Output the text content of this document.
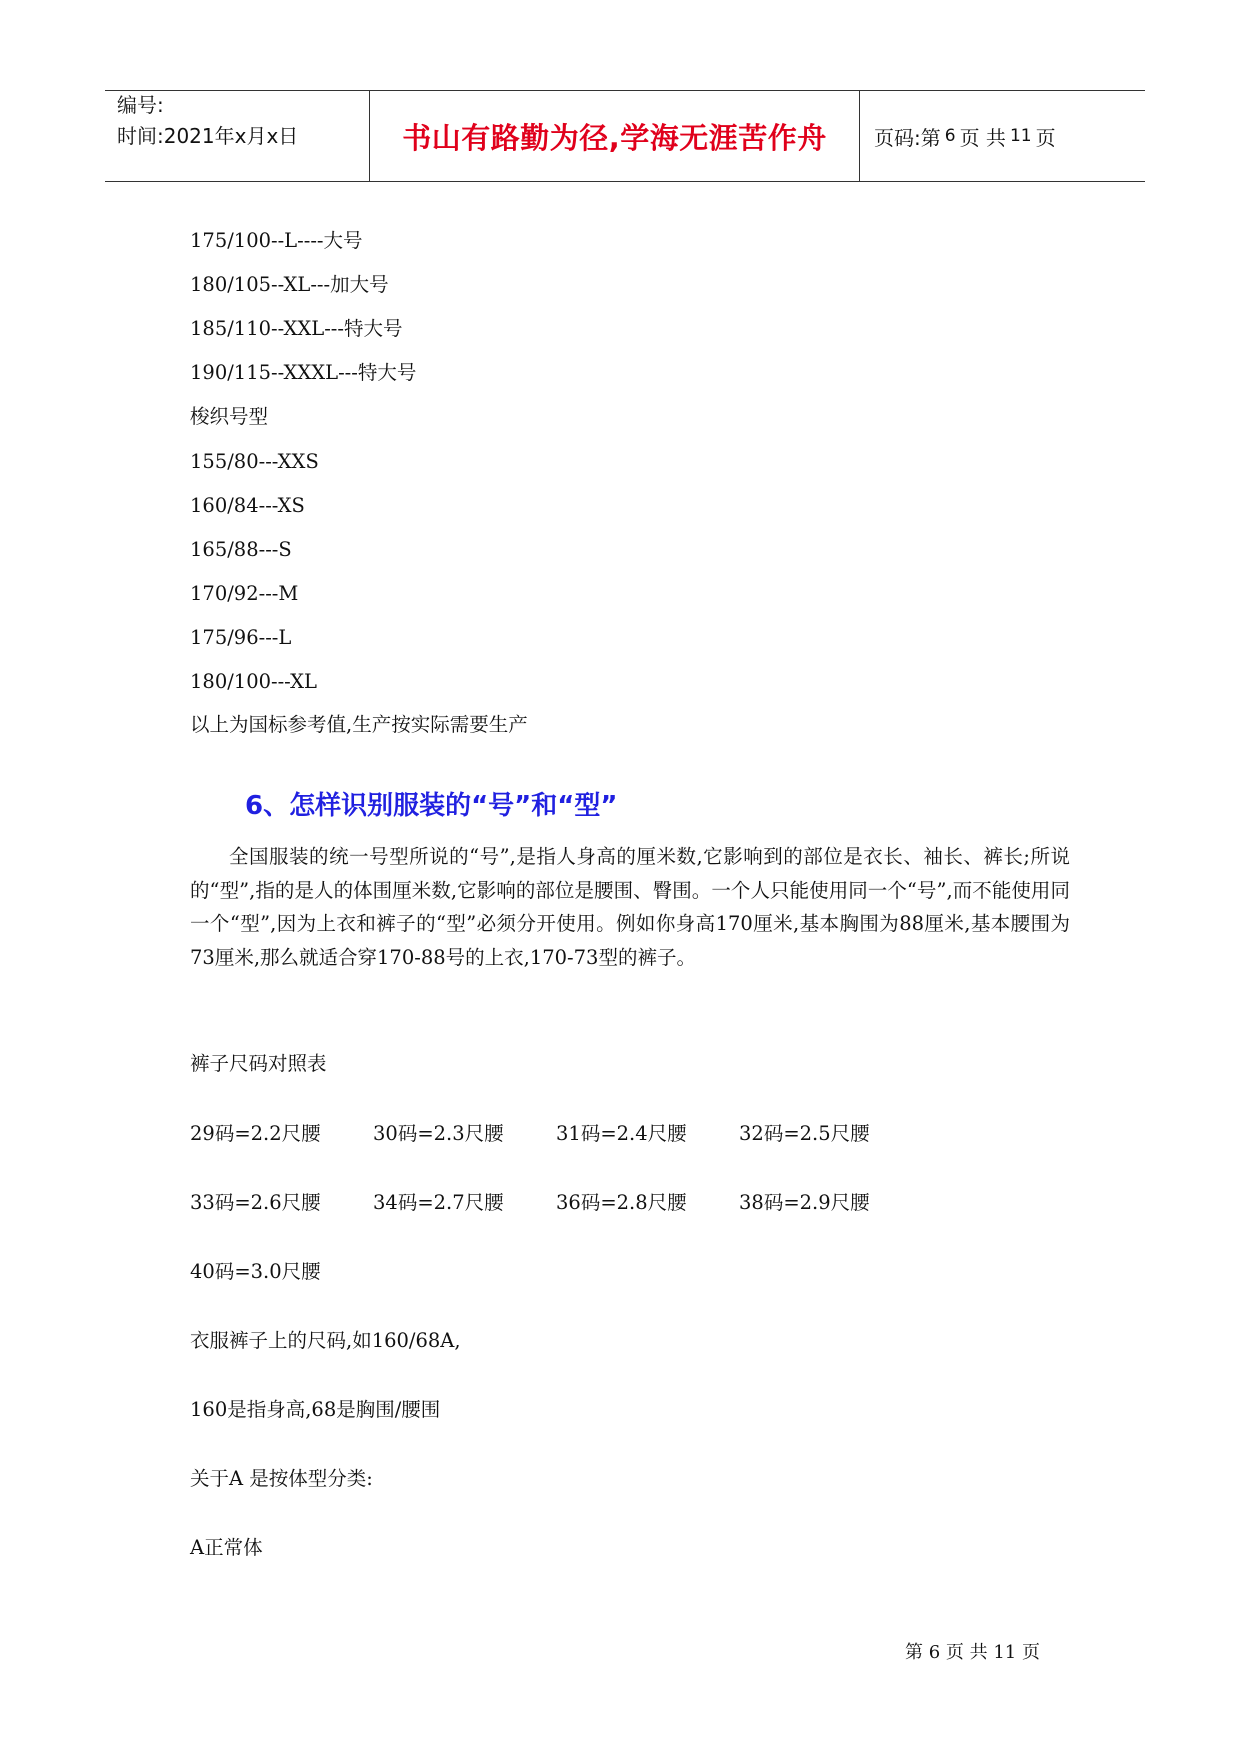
编号:
时间:2021年x月x日	书山有路勤为径,学海无涯苦作舟	页码:第 6 页 共 11 页
175/100--L----大号
180/105--XL---加大号
185/110--XXL---特大号
190/115--XXXL---特大号
梭织号型
155/80---XXS
160/84---XS
165/88---S
170/92---M
175/96---L
180/100---XL
以上为国标参考值,生产按实际需要生产
6、怎样识别服装的“号”和“型”

全国服装的统一号型所说的“号”,是指人身高的厘米数,它影响到的部位是衣长、袖长、裤长;所说的“型”,指的是人的体围厘米数,它影响的部位是腰围、臀围。一个人只能使用同一个“号”,而不能使用同一个“型”,因为上衣和裤子的“型”必须分开使用。例如你身高170厘米,基本胸围为88厘米,基本腰围为73厘米,那么就适合穿170-88号的上衣,170-73型的裤子。

裤子尺码对照表
29码=2.2尺腰	30码=2.3尺腰	31码=2.4尺腰	32码=2.5尺腰
33码=2.6尺腰	34码=2.7尺腰	36码=2.8尺腰	38码=2.9尺腰
40码=3.0尺腰
衣服裤子上的尺码,如160/68A,
160是指身高,68是胸围/腰围
关于A 是按体型分类:
A正常体
第 6 页 共 11 页
